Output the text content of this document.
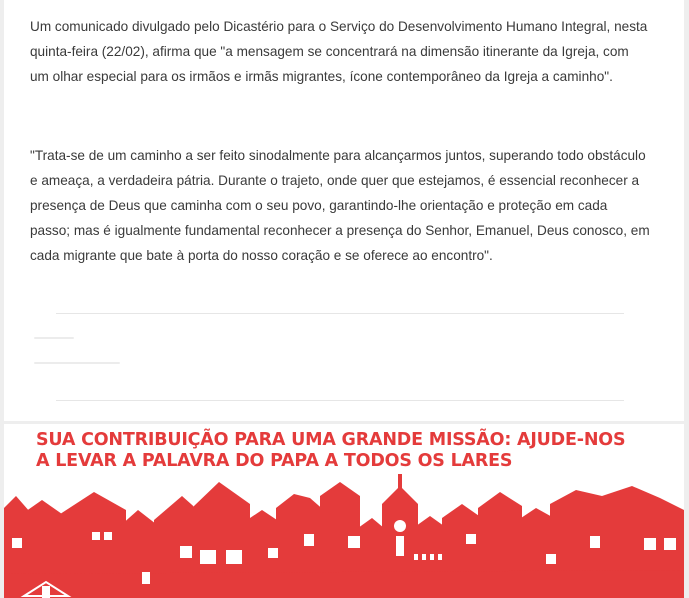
Um comunicado divulgado pelo Dicastério para o Serviço do Desenvolvimento Humano Integral, nesta quinta-feira (22/02), afirma que "a mensagem se concentrará na dimensão itinerante da Igreja, com um olhar especial para os irmãos e irmãs migrantes, ícone contemporâneo da Igreja a caminho".

"Trata-se de um caminho a ser feito sinodalmente para alcançarmos juntos, superando todo obstáculo e ameaça, a verdadeira pátria. Durante o trajeto, onde quer que estejamos, é essencial reconhecer a presença de Deus que caminha com o seu povo, garantindo-lhe orientação e proteção em cada passo; mas é igualmente fundamental reconhecer a presença do Senhor, Emanuel, Deus conosco, em cada migrante que bate à porta do nosso coração e se oferece ao encontro".

SUA CONTRIBUIÇÃO PARA UMA GRANDE MISSÃO: AJUDE-NOS A LEVAR A PALAVRA DO PAPA A TODOS OS LARES
